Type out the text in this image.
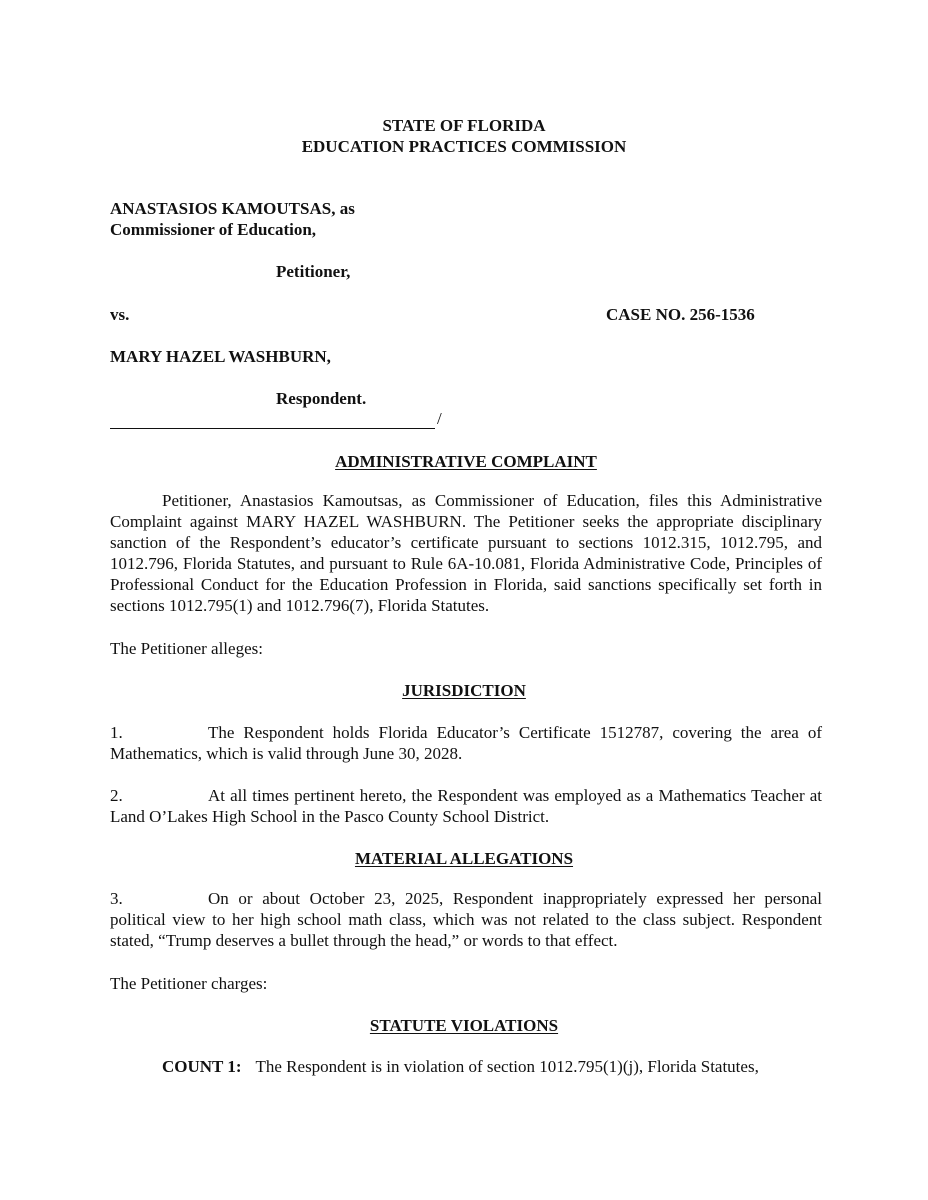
STATE OF FLORIDA
EDUCATION PRACTICES COMMISSION
ANASTASIOS KAMOUTSAS, as
Commissioner of Education,
Petitioner,
vs.	CASE NO. 256-1536
MARY HAZEL WASHBURN,
Respondent.
/
ADMINISTRATIVE COMPLAINT
Petitioner, Anastasios Kamoutsas, as Commissioner of Education, files this Administrative Complaint against MARY HAZEL WASHBURN. The Petitioner seeks the appropriate disciplinary sanction of the Respondent’s educator’s certificate pursuant to sections 1012.315, 1012.795, and 1012.796, Florida Statutes, and pursuant to Rule 6A-10.081, Florida Administrative Code, Principles of Professional Conduct for the Education Profession in Florida, said sanctions specifically set forth in sections 1012.795(1) and 1012.796(7), Florida Statutes.
The Petitioner alleges:
JURISDICTION
1.	The Respondent holds Florida Educator’s Certificate 1512787, covering the area of Mathematics, which is valid through June 30, 2028.
2.	At all times pertinent hereto, the Respondent was employed as a Mathematics Teacher at Land O’Lakes High School in the Pasco County School District.
MATERIAL ALLEGATIONS
3.	On or about October 23, 2025, Respondent inappropriately expressed her personal political view to her high school math class, which was not related to the class subject. Respondent stated, “Trump deserves a bullet through the head,” or words to that effect.
The Petitioner charges:
STATUTE VIOLATIONS
COUNT 1: The Respondent is in violation of section 1012.795(1)(j), Florida Statutes,
